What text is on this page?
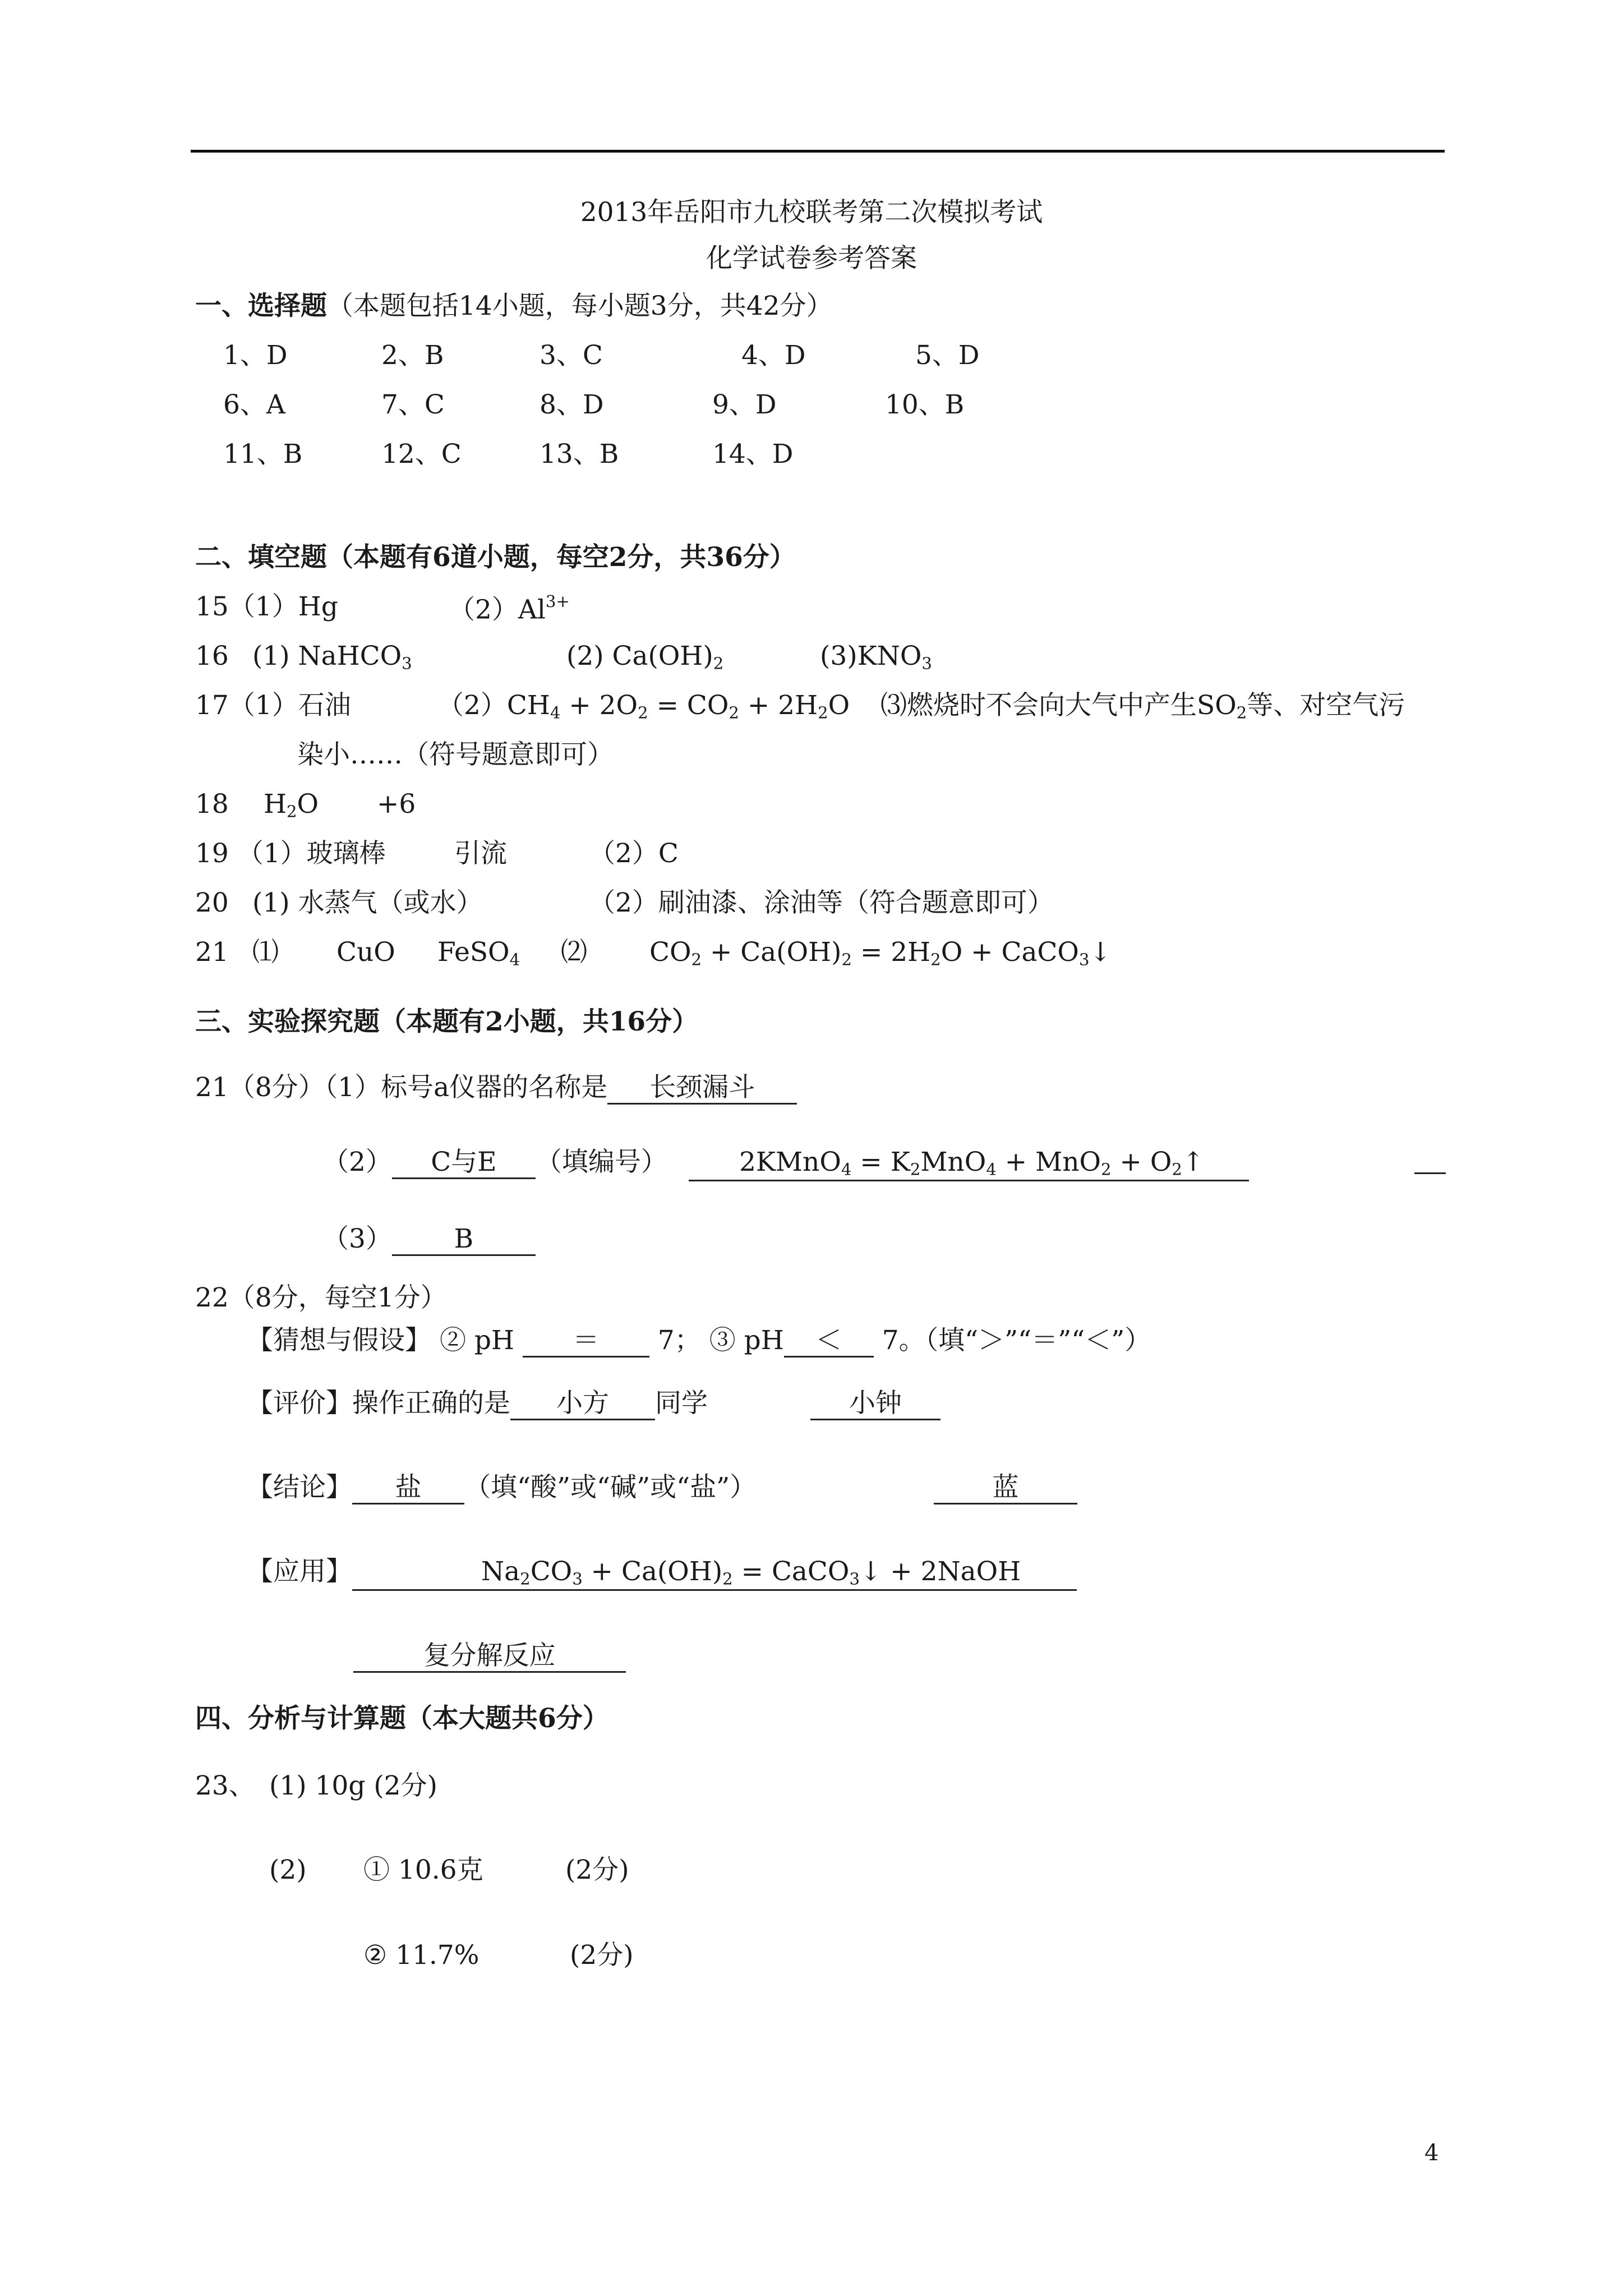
2013年岳阳市九校联考第二次模拟考试
化学试卷参考答案
一、选择题（本题包括14小题，每小题3分，共42分）
1、D	2、B	3、C	4、D	5、D
6、A	7、C	8、D	9、D	10、B
11、B	12、C	13、B	14、D
二、填空题（本题有6道小题，每空2分，共36分）
15（1）Hg	$(2)Al^{3+}$
16 (1) NaHCO$_3$	(2) $Ca(OH)_2$	$(3)KNO_3$
17（1）石油	$(2)CH_4 + 2O_2 = CO_2 + 2H_2O$ ⑶燃烧时不会向大气中产生$SO_2$等、对空气污
染小……（符号题意即可）
18 $H_2O +6$
19 （1）玻璃棒	引流	（2）C
20 (1) 水蒸气（或水）	（2）刷油漆、涂油等（符合题意即可）
21 ⑴ CuO FeSO$_4$ ⑵ $CO_2 + Ca(OH)_2 = 2H_2O$ + CaCO$_3$↓
三、实验探究题（本题有2小题，共16分）
21（8分）（1）标号a仪器的名称是 长颈漏斗
（2） C与E （填编号）	2KMnO$_4$ = $K_2MnO_4 + MnO_2$ + $O_2↑$
（3） B
22（8分，每空1分）
【猜想与假设】 ② pH ＝ 7； ③ pH ＜ 7。（填“＞”“＝”“＜”）
【评价】操作正确的是 小方 同学	小钟
【结论】 盐 （填“酸”或“碱”或“盐”）	蓝
【应用】	$Na_2CO_3 + Ca(OH)_2$ = CaCO$_3$↓ + 2NaOH
复分解反应
四、分析与计算题（本大题共6分）
23、 (1) 10g (2分)
(2) ① 10.6克	(2分)
② 11.7%	(2分)
4
